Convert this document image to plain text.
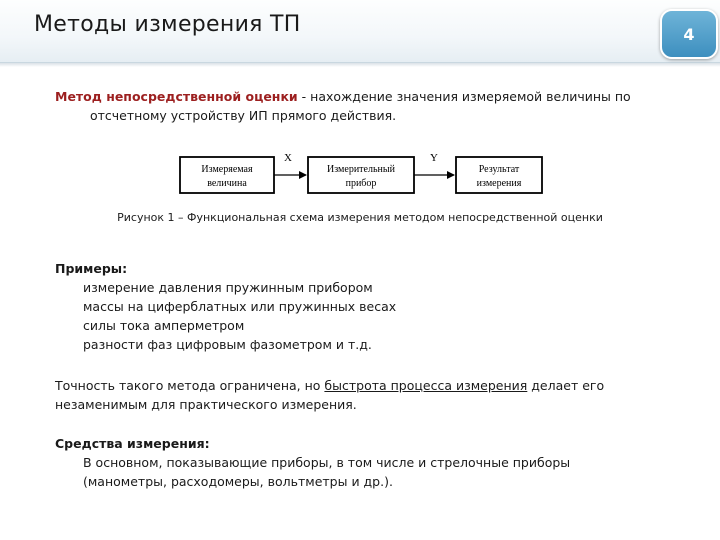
Методы измерения ТП	4
Метод непосредственной оценки - нахождение значения измеряемой величины по
отсчетному устройству ИП прямого действия.
Измеряемая
величина
X
Измерительный
прибор
Y
Результат
измерения
Рисунок 1 – Функциональная схема измерения методом непосредственной оценки
Примеры:
измерение давления пружинным прибором
массы на циферблатных или пружинных весах
силы тока амперметром
разности фаз цифровым фазометром и т.д.
Точность такого метода ограничена, но быстрота процесса измерения делает его
незаменимым для практического измерения.
Средства измерения:
В основном, показывающие приборы, в том числе и стрелочные приборы
(манометры, расходомеры, вольтметры и др.).
